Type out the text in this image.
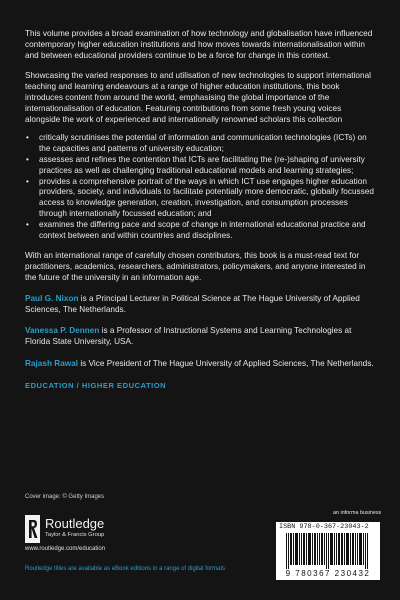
This volume provides a broad examination of how technology and globalisation have influenced contemporary higher education institutions and how moves towards internationalisation within and between educational providers continue to be a force for change in this context.

Showcasing the varied responses to and utilisation of new technologies to support international teaching and learning endeavours at a range of higher education institutions, this book introduces content from around the world, emphasising the global importance of the internationalisation of education. Featuring contributions from some fresh young voices alongside the work of experienced and internationally renowned scholars this collection

• critically scrutinises the potential of information and communication technologies (ICTs) on the capacities and patterns of university education;
• assesses and refines the contention that ICTs are facilitating the (re-)shaping of university practices as well as challenging traditional educational models and learning strategies;
• provides a comprehensive portrait of the ways in which ICT use engages higher education providers, society, and individuals to facilitate potentially more democratic, globally focussed access to knowledge generation, creation, investigation, and consumption processes through internationally focussed education; and
• examines the differing pace and scope of change in international educational practice and context between and within countries and disciplines.

With an international range of carefully chosen contributors, this book is a must-read text for practitioners, academics, researchers, administrators, policymakers, and anyone interested in the future of the university in an information age.

Paul G. Nixon is a Principal Lecturer in Political Science at The Hague University of Applied Sciences, The Netherlands.
Vanessa P. Dennen is a Professor of Instructional Systems and Learning Technologies at Florida State University, USA.
Rajash Rawal is Vice President of The Hague University of Applied Sciences, The Netherlands.
EDUCATION / HIGHER EDUCATION
Cover image: © Getty Images
Routledge
Taylor & Francis Group
www.routledge.com/education
Routledge titles are available as eBook editions in a range of digital formats
an informa business
ISBN 978-0-367-23043-2
9 780367 230432
